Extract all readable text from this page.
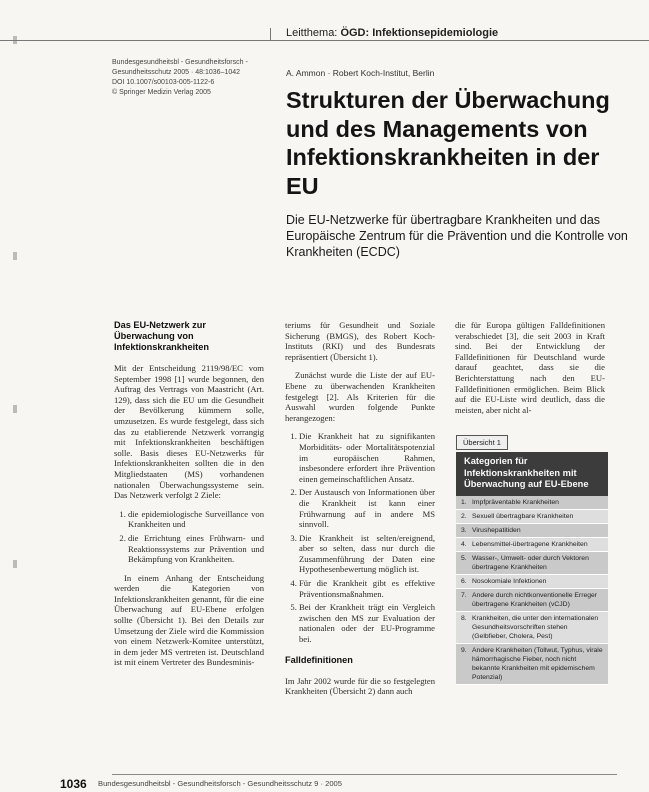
Leitthema: ÖGD: Infektionsepidemiologie
Bundesgesundheitsbl - Gesundheitsforsch -
Gesundheitsschutz 2005 · 48:1036–1042
DOI 10.1007/s00103-005-1122-6
© Springer Medizin Verlag 2005
A. Ammon · Robert Koch-Institut, Berlin
Strukturen der Überwachung und des Managements von Infektionskrankheiten in der EU
Die EU-Netzwerke für übertragbare Krankheiten und das Europäische Zentrum für die Prävention und die Kontrolle von Krankheiten (ECDC)
Das EU-Netzwerk zur Überwachung von Infektionskrankheiten

Mit der Entscheidung 2119/98/EC vom September 1998 [1] wurde begonnen, den Auftrag des Vertrags von Maastricht (Art. 129), dass sich die EU um die Gesundheit der Bevölkerung kümmern solle, umzusetzen. Es wurde festgelegt, dass sich das zu etablierende Netzwerk vorrangig mit Infektionskrankheiten beschäftigen solle. Basis dieses EU-Netzwerks für Infektionskrankheiten sollten die in den Mitgliedstaaten (MS) vorhandenen nationalen Überwachungssysteme sein. Das Netzwerk verfolgt 2 Ziele:

1. die epidemiologische Surveillance von Krankheiten und
2. die Errichtung eines Frühwarn- und Reaktionssystems zur Prävention und Bekämpfung von Krankheiten.

In einem Anhang der Entscheidung werden die Kategorien von Infektionskrankheiten genannt, für die eine Überwachung auf EU-Ebene erfolgen sollte (Übersicht 1). Bei den Details zur Umsetzung der Ziele wird die Kommission von einem Netzwerk-Komitee unterstützt, in dem jeder MS vertreten ist. Deutschland ist mit einem Vertreter des Bundesminis-

teriums für Gesundheit und Soziale Sicherung (BMGS), des Robert Koch-Instituts (RKI) und des Bundesrats repräsentiert (Übersicht 1).

Zunächst wurde die Liste der auf EU-Ebene zu überwachenden Krankheiten festgelegt [2]. Als Kriterien für die Auswahl wurden folgende Punkte herangezogen:

1. Die Krankheit hat zu signifikanten Morbiditäts- oder Mortalitätspotenzial im europäischen Rahmen, insbesondere erfordert ihre Prävention einen gemeinschaftlichen Ansatz.
2. Der Austausch von Informationen über die Krankheit ist kann einer Frühwarnung auf in andere MS sinnvoll.
3. Die Krankheit ist selten/ereignend, aber so selten, dass nur durch die Zusammenführung der Daten eine Hypothesenbewertung möglich ist.
4. Für die Krankheit gibt es effektive Präventionsmaßnahmen.
5. Bei der Krankheit trägt ein Vergleich zwischen den MS zur Evaluation der nationalen oder der EU-Programme bei.
Falldefinitionen

Im Jahr 2002 wurde für die so festgelegten Krankheiten (Übersicht 2) dann auch

die für Europa gültigen Falldefinitionen verabschiedet [3], die seit 2003 in Kraft sind. Bei der Entwicklung der Falldefinitionen für Deutschland wurde darauf geachtet, dass sie die Berichterstattung nach den EU-Falldefinitionen ermöglichen. Beim Blick auf die EU-Liste wird deutlich, dass die meisten, aber nicht al-

Übersicht 1
Kategorien für Infektionskrankheiten mit Überwachung auf EU-Ebene
1. Impfpräventable Krankheiten
2. Sexuell übertragbare Krankheiten
3. Virushepatitiden
4. Lebensmittel-übertragene Krankheiten
5. Wasser-, Umwelt- oder durch Vektoren übertragene Krankheiten
6. Nosokomiale Infektionen
7. Andere durch nichtkonventionelle Erreger übertragene Krankheiten (vCJD)
8. Krankheiten, die unter den internationalen Gesundheitsvorschriften stehen (Gelbfieber, Cholera, Pest)
9. Andere Krankheiten (Tollwut, Typhus, virale hämorrhagische Fieber, noch nicht bekannte Krankheiten mit epidemischem Potenzial)
1036 Bundesgesundheitsbl - Gesundheitsforsch - Gesundheitsschutz 9 · 2005
